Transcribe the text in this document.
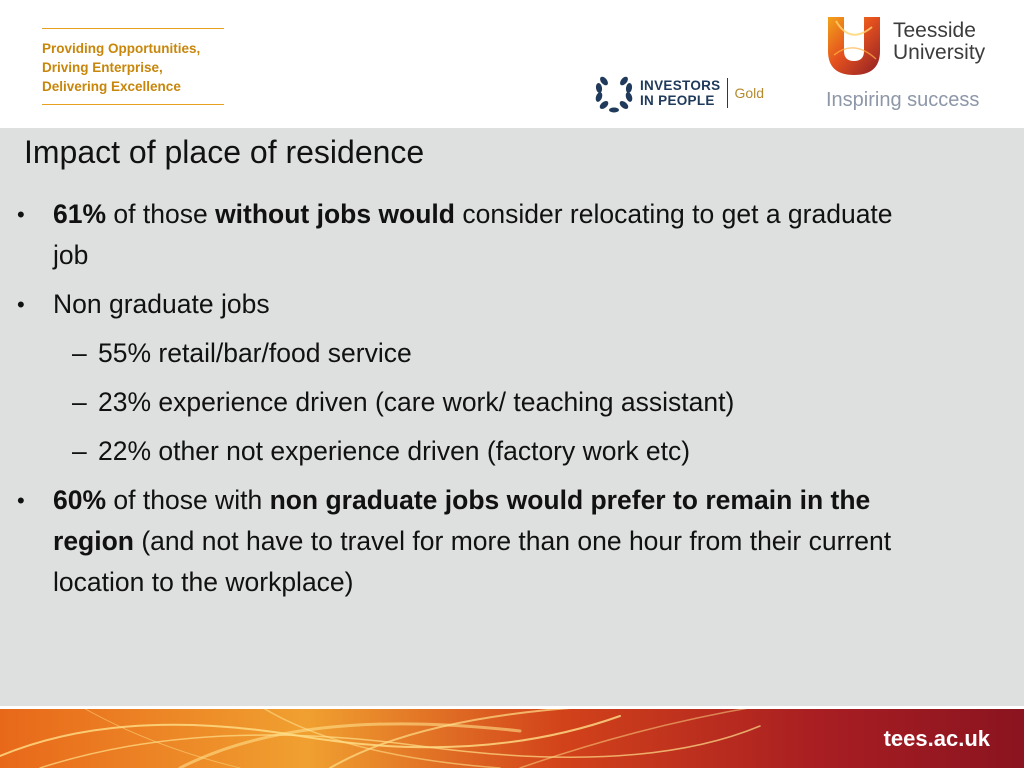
Providing Opportunities,
Driving Enterprise,
Delivering Excellence	INVESTORS
IN PEOPLE	Gold
Teesside
University
Inspiring success
Impact of place of residence
• 61% of those without jobs would consider relocating to get a graduate job
• Non graduate jobs
– 55% retail/bar/food service
– 23% experience driven (care work/ teaching assistant)
– 22% other not experience driven (factory work etc)
• 60% of those with non graduate jobs would prefer to remain in the region (and not have to travel for more than one hour from their current location to the workplace)
tees.ac.uk
